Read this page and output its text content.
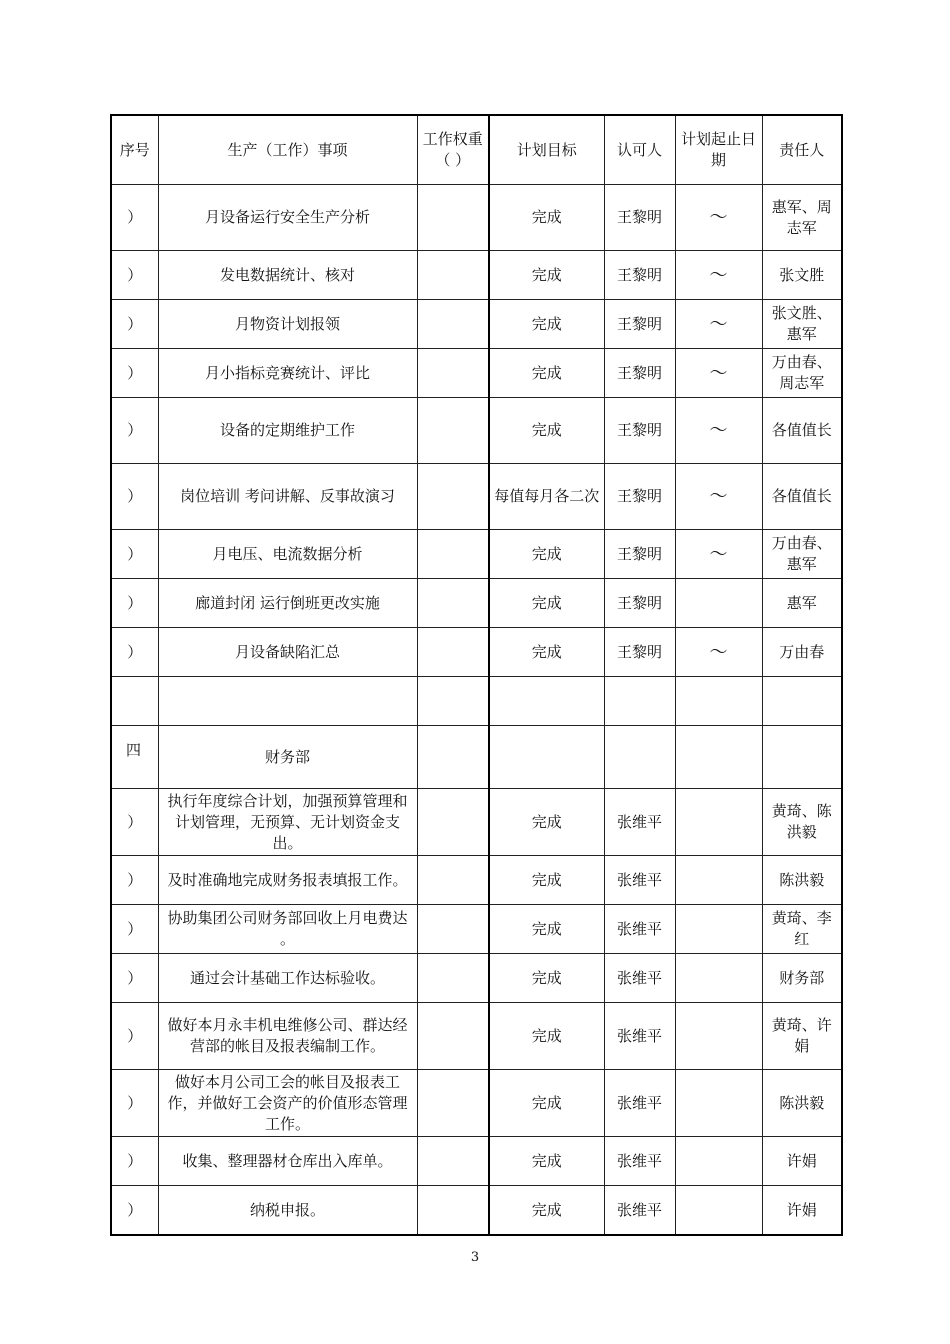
序号	生产（工作）事项	工作权重（ ）	计划目标	认可人	计划起止日期	责任人
）	月设备运行安全生产分析		完成	王黎明	～	惠军、周志军
）	发电数据统计、核对		完成	王黎明	～	张文胜
）	月物资计划报领		完成	王黎明	～	张文胜、惠军
）	月小指标竞赛统计、评比		完成	王黎明	～	万由春、周志军
）	设备的定期维护工作		完成	王黎明	～	各值值长
）	岗位培训 考问讲解、反事故演习		每值每月各二次	王黎明	～	各值值长
）	月电压、电流数据分析		完成	王黎明	～	万由春、惠军
）	廊道封闭 运行倒班更改实施		完成	王黎明		惠军
）	月设备缺陷汇总		完成	王黎明	～	万由春

四	财务部					
）	执行年度综合计划，加强预算管理和计划管理，无预算、无计划资金支出。		完成	张维平		黄琦、陈洪毅
）	及时准确地完成财务报表填报工作。		完成	张维平		陈洪毅
）	协助集团公司财务部回收上月电费达 。		完成	张维平		黄琦、李红
）	通过会计基础工作达标验收。		完成	张维平		财务部
）	做好本月永丰机电维修公司、群达经营部的帐目及报表编制工作。		完成	张维平		黄琦、许娟
）	做好本月公司工会的帐目及报表工作，并做好工会资产的价值形态管理工作。		完成	张维平		陈洪毅
）	收集、整理器材仓库出入库单。		完成	张维平		许娟
）	纳税申报。		完成	张维平		许娟
3
